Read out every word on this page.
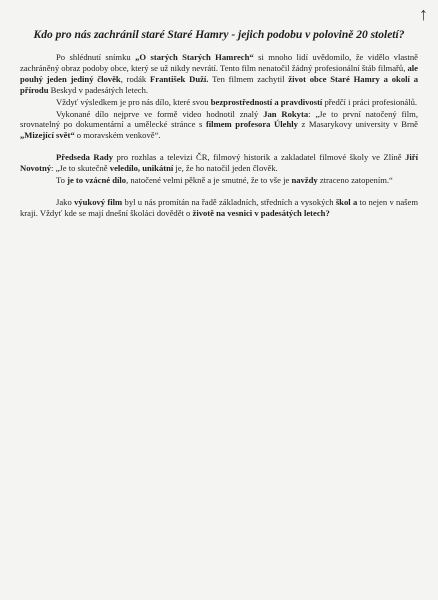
↑
Kdo pro nás zachránil staré Staré Hamry - jejich podobu v polovině 20 století?

Po shlédnutí snímku „O starých Starých Hamrech“ si mnoho lidí uvědomilo, že vidělo vlastně zachráněný obraz podoby obce, který se už nikdy nevrátí. Tento film nenatočil žádný profesionální štáb filmařů, ale pouhý jeden jediný člověk, rodák František Duží. Ten filmem zachytil život obce Staré Hamry a okolí a přírodu Beskyd v padesátých letech.

Vždyť výsledkem je pro nás dílo, které svou bezprostředností a pravdivostí předčí i práci profesionálů.

Vykonané dílo nejprve ve formě video hodnotil znalý Jan Rokyta: „Je to první natočený film, srovnatelný po dokumentární a umělecké stránce s filmem profesora Úlehly z Masarykovy university v Brně „Mizející svět“ o moravském venkově“.

Předseda Rady pro rozhlas a televizi ČR, filmový historik a zakladatel filmové školy ve Zlíně Jiří Novotný: „Je to skutečně veledílo, unikátní je, že ho natočil jeden člověk.

To je to vzácné dílo, natočené velmi pěkně a je smutné, že to vše je navždy ztraceno zatopením.“

Jako výukový film byl u nás promítán na řadě základních, středních a vysokých škol a to nejen v našem kraji. Vždyť kde se mají dnešní školáci dovědět o životě na vesnici v padesátých letech?
